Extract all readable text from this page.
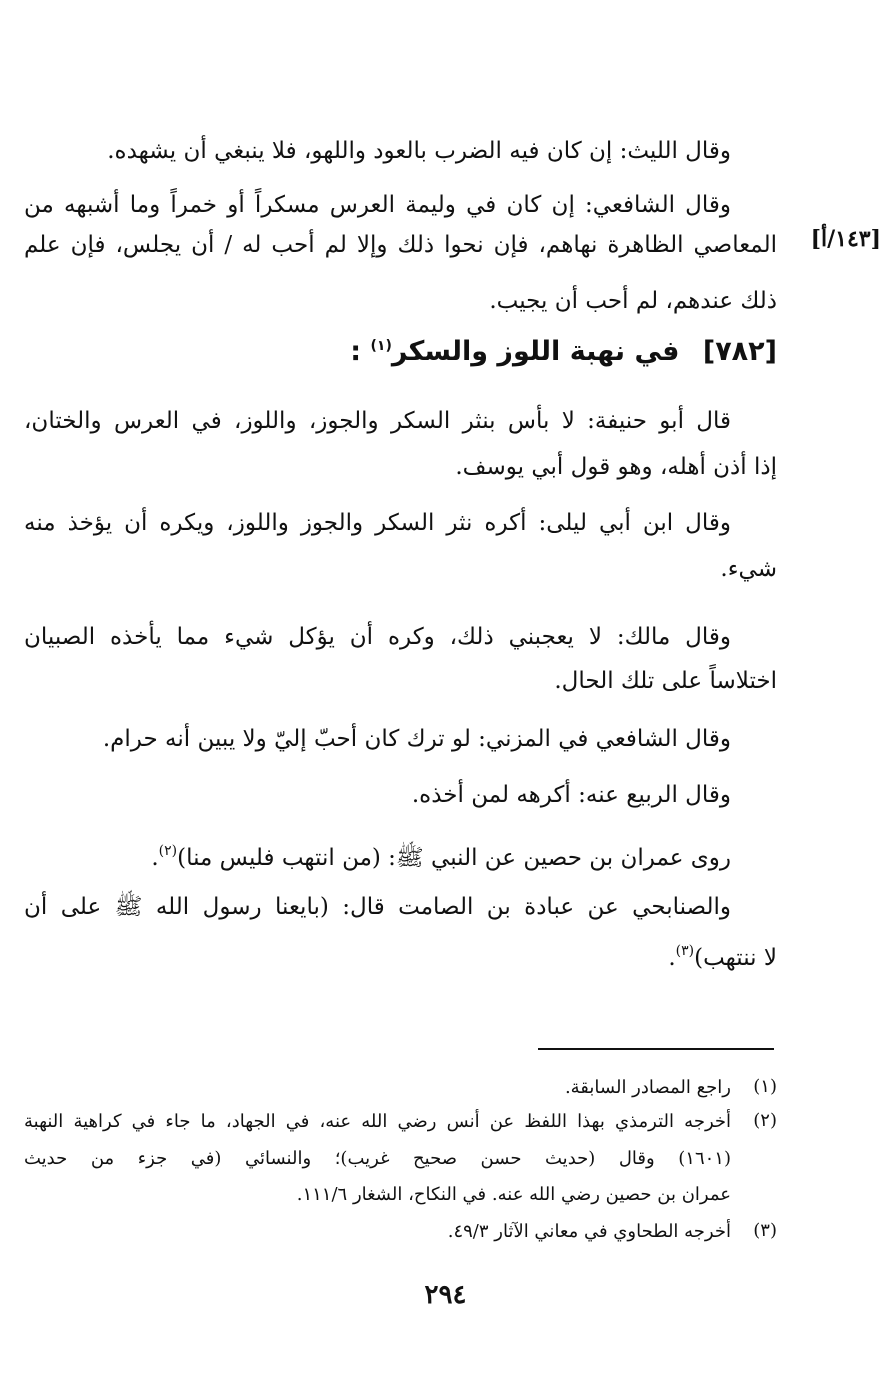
وقال الليث: إن كان فيه الضرب بالعود واللهو، فلا ينبغي أن يشهده.
وقال الشافعي: إن كان في وليمة العرس مسكراً أو خمراً وما أشبهه من
المعاصي الظاهرة نهاهم، فإن نحوا ذلك وإلا لم أحب له / أن يجلس، فإن علم
ذلك عندهم، لم أحب أن يجيب.
[١٤٣/أ]
[٧٨٢] في نهبة اللوز والسكر$^{(١)}$ :
قال أبو حنيفة: لا بأس بنثر السكر والجوز، واللوز، في العرس والختان،
إذا أذن أهله، وهو قول أبي يوسف.
وقال ابن أبي ليلى: أكره نثر السكر والجوز واللوز، ويكره أن يؤخذ منه
شيء.
وقال مالك: لا يعجبني ذلك، وكره أن يؤكل شيء مما يأخذه الصبيان
اختلاساً على تلك الحال.
وقال الشافعي في المزني: لو ترك كان أحبّ إليّ ولا يبين أنه حرام.
وقال الربيع عنه: أكرهه لمن أخذه.
روى عمران بن حصين عن النبي ﷺ: (من انتهب فليس منا)$^{(٢)}$.
والصنابحي عن عبادة بن الصامت قال: (بايعنا رسول الله ﷺ على أن
لا ننتهب)$^{(٣)}$.
(١)
راجع المصادر السابقة.
(٢)
أخرجه الترمذي بهذا اللفظ عن أنس رضي الله عنه، في الجهاد، ما جاء في كراهية النهبة
(١٦٠١) وقال (حديث حسن صحيح غريب)؛ والنسائي (في جزء من حديث
عمران بن حصين رضي الله عنه. في النكاح، الشغار ١١١/٦.
(٣)
أخرجه الطحاوي في معاني الآثار ٤٩/٣.
٢٩٤
